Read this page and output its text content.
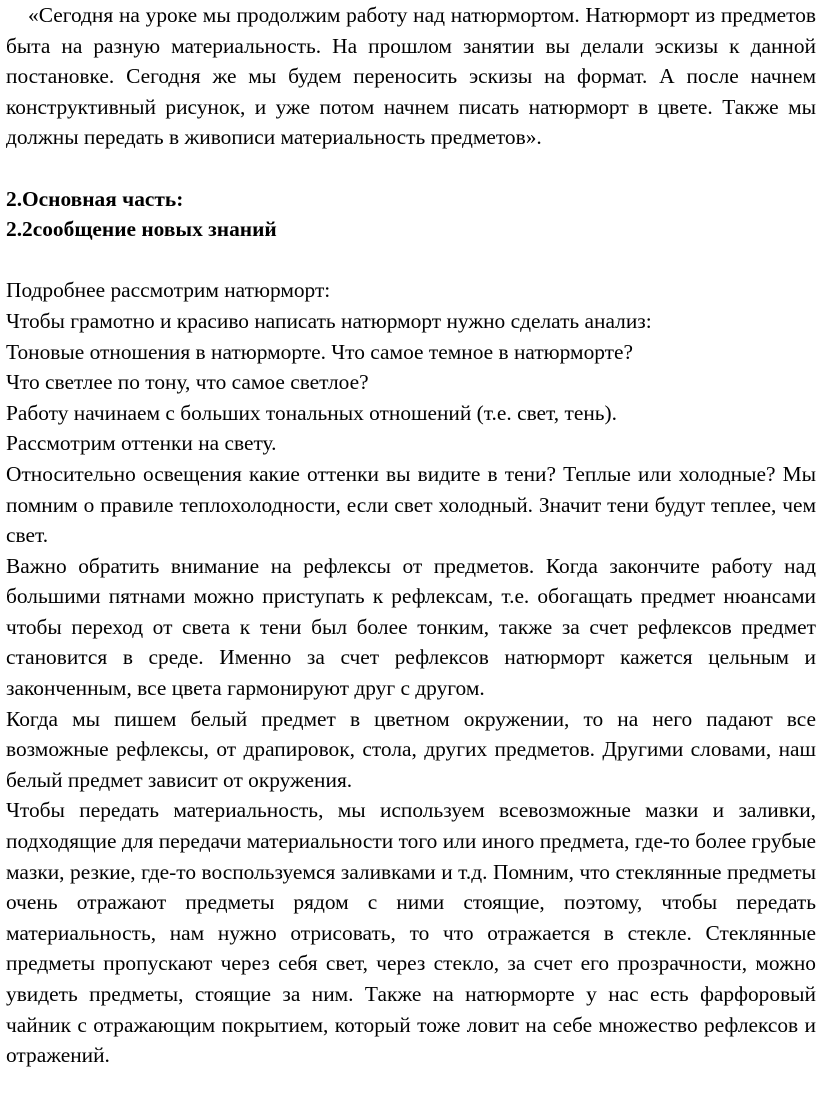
«Сегодня на уроке мы продолжим работу над натюрмортом. Натюрморт из предметов быта на разную материальность. На прошлом занятии вы делали эскизы к данной постановке. Сегодня же мы будем переносить эскизы на формат. А после начнем конструктивный рисунок, и уже потом начнем писать натюрморт в цвете. Также мы должны передать в живописи материальность предметов».

2.Основная часть:

2.2сообщение новых знаний

Подробнее рассмотрим натюрморт:

Чтобы грамотно и красиво написать натюрморт нужно сделать анализ:

Тоновые отношения в натюрморте. Что самое темное в натюрморте?

Что светлее по тону, что самое светлое?

Работу начинаем с больших тональных отношений (т.е. свет, тень).

Рассмотрим оттенки на свету.

Относительно освещения какие оттенки вы видите в тени? Теплые или холодные? Мы помним о правиле теплохолодности, если свет холодный. Значит тени будут теплее, чем свет.

Важно обратить внимание на рефлексы от предметов. Когда закончите работу над большими пятнами можно приступать к рефлексам, т.е. обогащать предмет нюансами чтобы переход от света к тени был более тонким, также за счет рефлексов предмет становится в среде. Именно за счет рефлексов натюрморт кажется цельным и законченным, все цвета гармонируют друг с другом.

Когда мы пишем белый предмет в цветном окружении, то на него падают все возможные рефлексы, от драпировок, стола, других предметов. Другими словами, наш белый предмет зависит от окружения.

Чтобы передать материальность, мы используем всевозможные мазки и заливки, подходящие для передачи материальности того или иного предмета, где-то более грубые мазки, резкие, где-то воспользуемся заливками и т.д. Помним, что стеклянные предметы очень отражают предметы рядом с ними стоящие, поэтому, чтобы передать материальность, нам нужно отрисовать, то что отражается в стекле. Стеклянные предметы пропускают через себя свет, через стекло, за счет его прозрачности, можно увидеть предметы, стоящие за ним. Также на натюрморте у нас есть фарфоровый чайник с отражающим покрытием, который тоже ловит на себе множество рефлексов и отражений.
